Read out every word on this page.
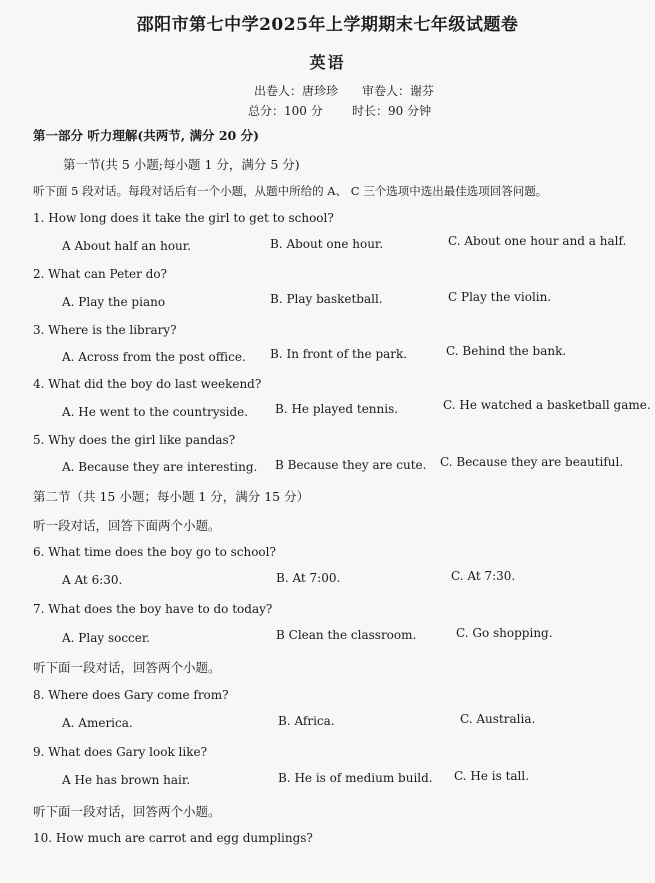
邵阳市第七中学2025年上学期期末七年级试题卷
英语
出卷人：唐珍珍 审卷人：谢芬
总分：100 分 时长：90 分钟
第一部分 听力理解(共两节, 满分 20 分)
第一节(共 5 小题;每小题 1 分，满分 5 分)
听下面 5 段对话。每段对话后有一个小题，从题中所给的 A、 C 三个选项中选出最佳选项回答问题。
1. How long does it take the girl to get to school?
A About half an hour.	B. About one hour.	C. About one hour and a half.
2. What can Peter do?
A. Play the piano	B. Play basketball.	C Play the violin.
3. Where is the library?
A. Across from the post office. B. In front of the park.	C. Behind the bank.
4. What did the boy do last weekend?
A. He went to the countryside. B. He played tennis.	C. He watched a basketball game.
5. Why does the girl like pandas?
A. Because they are interesting. B Because they are cute. C. Because they are beautiful.
第二节（共 15 小题；每小题 1 分，满分 15 分）
听一段对话，回答下面两个小题。
6. What time does the boy go to school?
A At 6:30.	B. At 7:00.	C. At 7:30.
7. What does the boy have to do today?
A. Play soccer.	B Clean the classroom.	C. Go shopping.
听下面一段对话，回答两个小题。
8. Where does Gary come from?
A. America.	B. Africa.	C. Australia.
9. What does Gary look like?
A He has brown hair.	B. He is of medium build. C. He is tall.
听下面一段对话，回答两个小题。
10. How much are carrot and egg dumplings?
